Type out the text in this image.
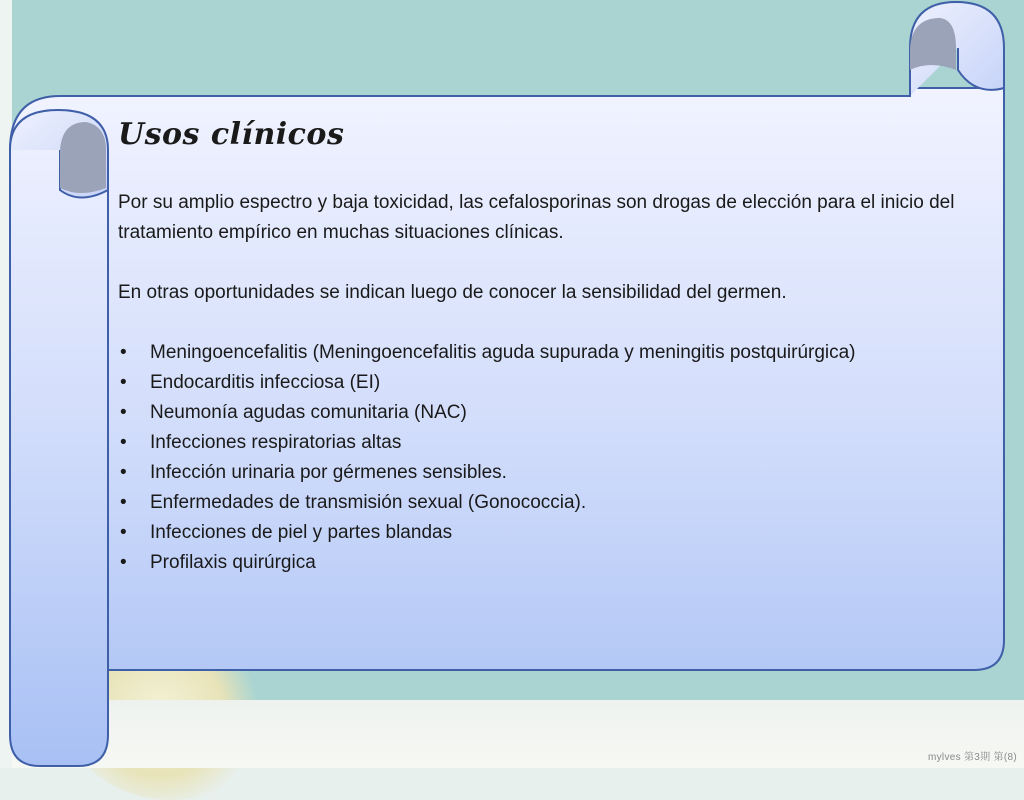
Usos clínicos

Por su amplio espectro y baja toxicidad, las cefalosporinas son drogas de elección para el inicio del tratamiento empírico en muchas situaciones clínicas.

En otras oportunidades se indican luego de conocer la sensibilidad del germen.

• Meningoencefalitis (Meningoencefalitis aguda supurada y meningitis postquirúrgica)
• Endocarditis infecciosa (EI)
• Neumonía agudas comunitaria (NAC)
• Infecciones respiratorias altas
• Infección urinaria por gérmenes sensibles.
• Enfermedades de transmisión sexual (Gonococcia).
• Infecciones de piel y partes blandas
• Profilaxis quirúrgica
mylves 第3期 第(8)
